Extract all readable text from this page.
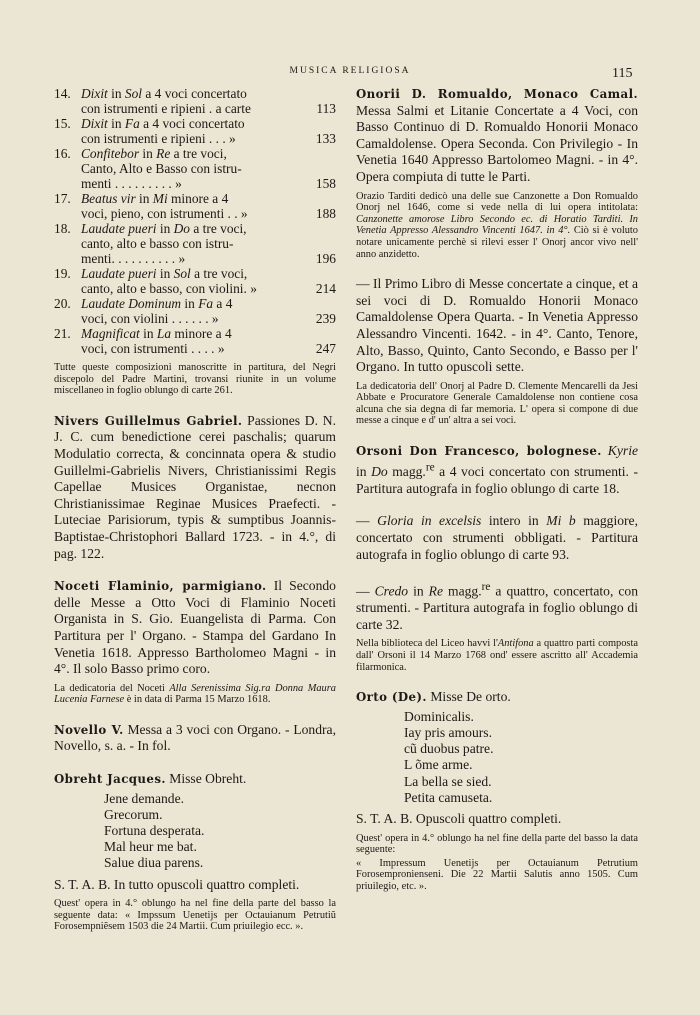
MUSICA RELIGIOSA	115
14. Dixit in Sol a 4 voci concertato
con istrumenti e ripieni . a carte	113
15. Dixit in Fa a 4 voci concertato
con istrumenti e ripieni . . . »	133
16. Confitebor in Re a tre voci,
Canto, Alto e Basso con istru-
menti . . . . . . . . . »	158
17. Beatus vir in Mi minore a 4
voci, pieno, con istrumenti . . »	188
18. Laudate pueri in Do a tre voci,
canto, alto e basso con istru-
menti. . . . . . . . . . »	196
19. Laudate pueri in Sol a tre voci,
canto, alto e basso, con violini. »	214
20. Laudate Dominum in Fa a 4
voci, con violini . . . . . . »	239
21. Magnificat in La minore a 4
voci, con istrumenti . . . . »	247
Tutte queste composizioni manoscritte in partitura, del Negri discepolo del Padre Martini, trovansi riunite in un volume miscellaneo in foglio oblungo di carte 261.
Nivers Guillelmus Gabriel. Passiones D. N. J. C. cum benedictione cerei paschalis; quarum Modulatio correcta, & concinnata opera & studio Guillelmi-Gabrielis Nivers, Christianissimi Regis Capellae Musices Organistae, necnon Christianissimae Reginae Musices Praefecti. - Luteciae Parisiorum, typis & sumptibus Joannis-Baptistae-Christophori Ballard 1723. - in 4.°, di pag. 122.
Noceti Flaminio, parmigiano. Il Secondo delle Messe a Otto Voci di Flaminio Noceti Organista in S. Gio. Euangelista di Parma. Con Partitura per l' Organo. - Stampa del Gardano In Venetia 1618. Appresso Bartholomeo Magni - in 4°. Il solo Basso primo coro.
La dedicatoria del Noceti Alla Serenissima Sig.ra Donna Maura Lucenia Farnese è in data di Parma 15 Marzo 1618.
Novello V. Messa a 3 voci con Organo. - Londra, Novello, s. a. - In fol.
Obreht Jacques. Misse Obreht.
Jene demande.
Grecorum.
Fortuna desperata.
Mal heur me bat.
Salue diua parens.
S. T. A. B. In tutto opuscoli quattro completi.
Quest' opera in 4.° oblungo ha nel fine della parte del basso la seguente data: « Impssum Uenetijs per Octauianum Petrutiũ Forosempniẽsem 1503 die 24 Martii. Cum priuilegio ecc. ».
Onorii D. Romualdo, Monaco Camal. Messa Salmi et Litanie Concertate a 4 Voci, con Basso Continuo di D. Romualdo Honorii Monaco Camaldolense. Opera Seconda. Con Privilegio - In Venetia 1640 Appresso Bartolomeo Magni. - in 4°. Opera compiuta di tutte le Parti.
Orazio Tarditi dedicò una delle sue Canzonette a Don Romualdo Onorj nel 1646, come si vede nella di lui opera intitolata: Canzonette amorose Libro Secondo ec. di Horatio Tarditi. In Venetia Appresso Alessandro Vincenti 1647. in 4°. Ciò si è voluto notare unicamente perchè si rilevi esser l' Onorj ancor vivo nell' anno anzidetto.
— Il Primo Libro di Messe concertate a cinque, et a sei voci di D. Romualdo Honorii Monaco Camaldolense Opera Quarta. - In Venetia Appresso Alessandro Vincenti. 1642. - in 4°. Canto, Tenore, Alto, Basso, Quinto, Canto Secondo, e Basso per l' Organo. In tutto opuscoli sette.
La dedicatoria dell' Onorj al Padre D. Clemente Mencarelli da Jesi Abbate e Procuratore Generale Camaldolense non contiene cosa alcuna che sia degna di far memoria. L' opera si compone di due messe a cinque e d' un' altra a sei voci.
Orsoni Don Francesco, bolognese. Kyrie in Do magg.$^{re}$ a 4 voci concertato con strumenti. - Partitura autografa in foglio oblungo di carte 18.
— Gloria in excelsis intero in Mi b maggiore, concertato con strumenti obbligati. - Partitura autografa in foglio oblungo di carte 93.
— Credo in Re magg.$^{re}$ a quattro, concertato, con strumenti. - Partitura autografa in foglio oblungo di carte 32.
Nella biblioteca del Liceo havvi l'Antifona a quattro parti composta dall' Orsoni il 14 Marzo 1768 ond' essere ascritto all' Accademia filarmonica.
Orto (De). Misse De orto.
Dominicalis.
Iay pris amours.
cũ duobus patre.
L õme arme.
La bella se sied.
Petita camuseta.
S. T. A. B. Opuscoli quattro completi.
Quest' opera in 4.° oblungo ha nel fine della parte del basso la data seguente:
« Impressum Uenetijs per Octauianum Petrutium Forosempronienseni. Die 22 Martii Salutis anno 1505. Cum priuilegio, etc. ».
